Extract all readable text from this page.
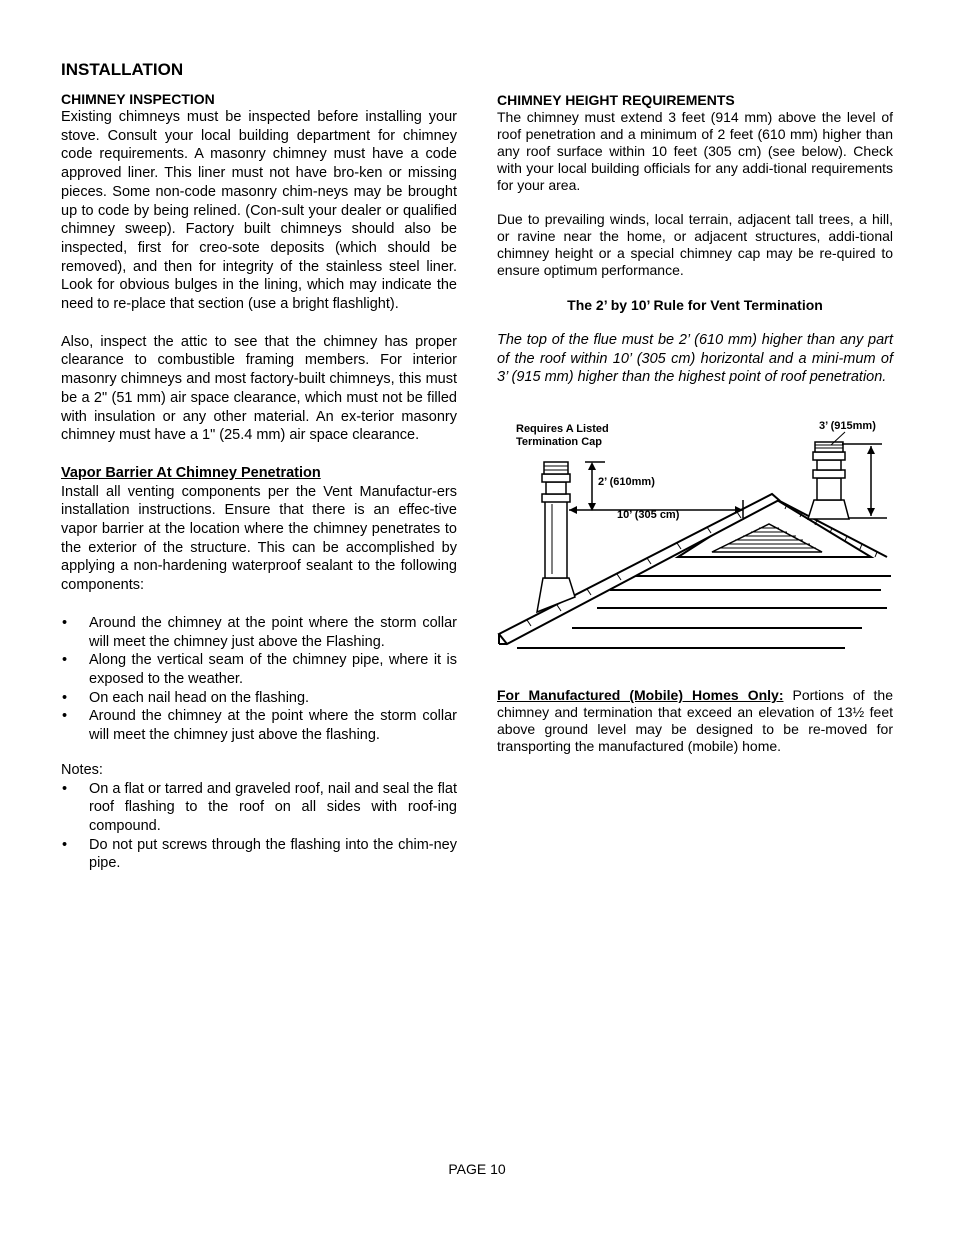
INSTALLATION
CHIMNEY INSPECTION

Existing chimneys must be inspected before installing your stove. Consult your local building department for chimney code requirements. A masonry chimney must have a code approved liner. This liner must not have bro-ken or missing pieces. Some non-code masonry chim-neys may be brought up to code by being relined. (Con-sult your dealer or qualified chimney sweep). Factory built chimneys should also be inspected, first for creo-sote deposits (which should be removed), and then for integrity of the stainless steel liner. Look for obvious bulges in the lining, which may indicate the need to re-place that section (use a bright flashlight).

Also, inspect the attic to see that the chimney has proper clearance to combustible framing members. For interior masonry chimneys and most factory-built chimneys, this must be a 2" (51 mm) air space clearance, which must not be filled with insulation or any other material. An ex-terior masonry chimney must have a 1" (25.4 mm) air space clearance.

Vapor Barrier At Chimney Penetration

Install all venting components per the Vent Manufactur-ers installation instructions. Ensure that there is an effec-tive vapor barrier at the location where the chimney penetrates to the exterior of the structure. This can be accomplished by applying a non-hardening waterproof sealant to the following components:

• Around the chimney at the point where the storm collar will meet the chimney just above the Flashing.
• Along the vertical seam of the chimney pipe, where it is exposed to the weather.
• On each nail head on the flashing.
• Around the chimney at the point where the storm collar will meet the chimney just above the flashing.
Notes:
• On a flat or tarred and graveled roof, nail and seal the flat roof flashing to the roof on all sides with roof-ing compound.
• Do not put screws through the flashing into the chim-ney pipe.
CHIMNEY HEIGHT REQUIREMENTS

The chimney must extend 3 feet (914 mm) above the level of roof penetration and a minimum of 2 feet (610 mm) higher than any roof surface within 10 feet (305 cm) (see below). Check with your local building officials for any addi-tional requirements for your area.

Due to prevailing winds, local terrain, adjacent tall trees, a hill, or ravine near the home, or adjacent structures, addi-tional chimney height or a special chimney cap may be re-quired to ensure optimum performance.

The 2’ by 10’ Rule for Vent Termination

The top of the flue must be 2’ (610 mm) higher than any part of the roof within 10’ (305 cm) horizontal and a mini-mum of 3’ (915 mm) higher than the highest point of roof penetration.

For Manufactured (Mobile) Homes Only: Portions of the chimney and termination that exceed an elevation of 13½ feet above ground level may be designed to be re-moved for transporting the manufactured (mobile) home.

Requires A Listed
Termination Cap
3’ (915mm)
2’ (610mm)
10’ (305 cm)
PAGE 10
